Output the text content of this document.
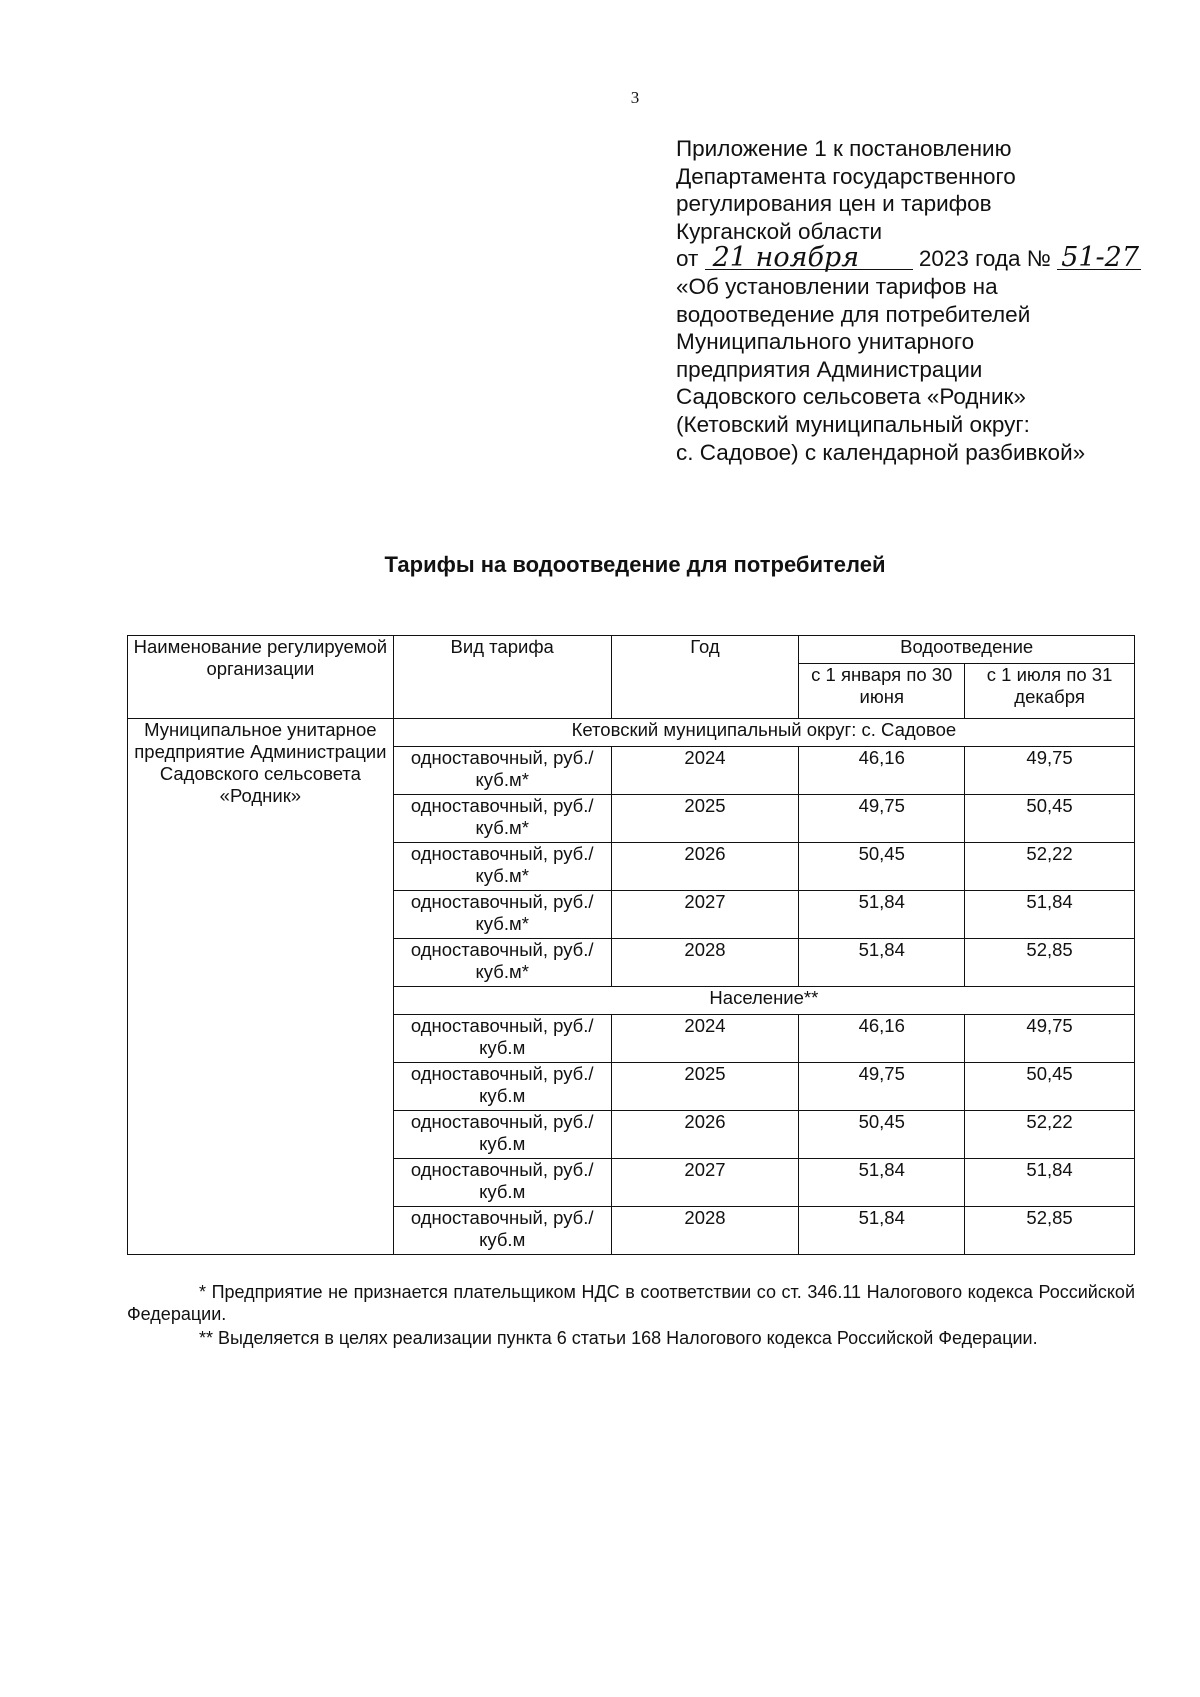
3
Приложение 1 к постановлению
Департамента государственного
регулирования цен и тарифов
Курганской области
от 21 ноября	2023 года № 51-27
«Об установлении тарифов на
водоотведение для потребителей
Муниципального унитарного
предприятия Администрации
Садовского сельсовета «Родник»
(Кетовский муниципальный округ:
с. Садовое) с календарной разбивкой»
Тарифы на водоотведение для потребителей
Наименование регулируемой организации	Вид тарифа	Год	Водоотведение	
			с 1 января по 30 июня	с 1 июля по 31 декабря
Муниципальное унитарное предприятие Администрации Садовского сельсовета «Родник»	Кетовский муниципальный округ: с. Садовое			
	одноставочный, руб./куб.м*	2024	46,16	49,75
	одноставочный, руб./куб.м*	2025	49,75	50,45
	одноставочный, руб./куб.м*	2026	50,45	52,22
	одноставочный, руб./куб.м*	2027	51,84	51,84
	одноставочный, руб./куб.м*	2028	51,84	52,85
	Население**			
	одноставочный, руб./куб.м	2024	46,16	49,75
	одноставочный, руб./куб.м	2025	49,75	50,45
	одноставочный, руб./куб.м	2026	50,45	52,22
	одноставочный, руб./куб.м	2027	51,84	51,84
	одноставочный, руб./куб.м	2028	51,84	52,85

* Предприятие не признается плательщиком НДС в соответствии со ст. 346.11 Налогового кодекса Российской Федерации.

** Выделяется в целях реализации пункта 6 статьи 168 Налогового кодекса Российской Федерации.
